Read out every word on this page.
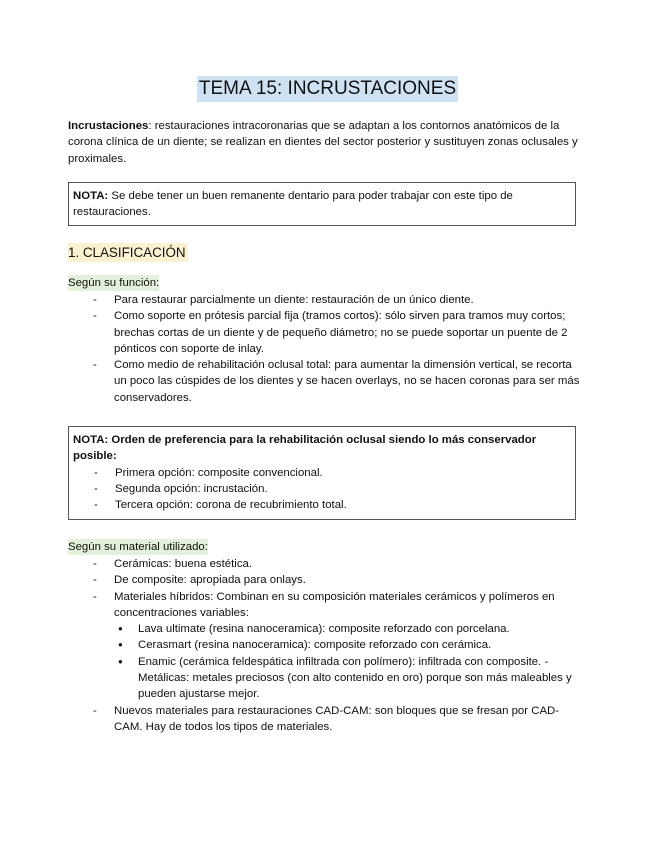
TEMA 15: INCRUSTACIONES
Incrustaciones: restauraciones intracoronarias que se adaptan a los contornos anatómicos de la corona clínica de un diente; se realizan en dientes del sector posterior y sustituyen zonas oclusales y proximales.
NOTA: Se debe tener un buen remanente dentario para poder trabajar con este tipo de restauraciones.
1. CLASIFICACIÓN
Según su función:
- Para restaurar parcialmente un diente: restauración de un único diente.
- Como soporte en prótesis parcial fija (tramos cortos): sólo sirven para tramos muy cortos; brechas cortas de un diente y de pequeño diámetro; no se puede soportar un puente de 2 pónticos con soporte de inlay.
- Como medio de rehabilitación oclusal total: para aumentar la dimensión vertical, se recorta un poco las cúspides de los dientes y se hacen overlays, no se hacen coronas para ser más conservadores.
NOTA: Orden de preferencia para la rehabilitación oclusal siendo lo más conservador posible:
- Primera opción: composite convencional.
- Segunda opción: incrustación.
- Tercera opción: corona de recubrimiento total.
Según su material utilizado:
- Cerámicas: buena estética.
- De composite: apropiada para onlays.
- Materiales híbridos: Combinan en su composición materiales cerámicos y polímeros en concentraciones variables:
● Lava ultimate (resina nanoceramica): composite reforzado con porcelana.
● Cerasmart (resina nanoceramica): composite reforzado con cerámica.
● Enamic (cerámica feldespática infiltrada con polímero): infiltrada con composite. - Metálicas: metales preciosos (con alto contenido en oro) porque son más maleables y pueden ajustarse mejor.
- Nuevos materiales para restauraciones CAD-CAM: son bloques que se fresan por CAD-CAM. Hay de todos los tipos de materiales.
